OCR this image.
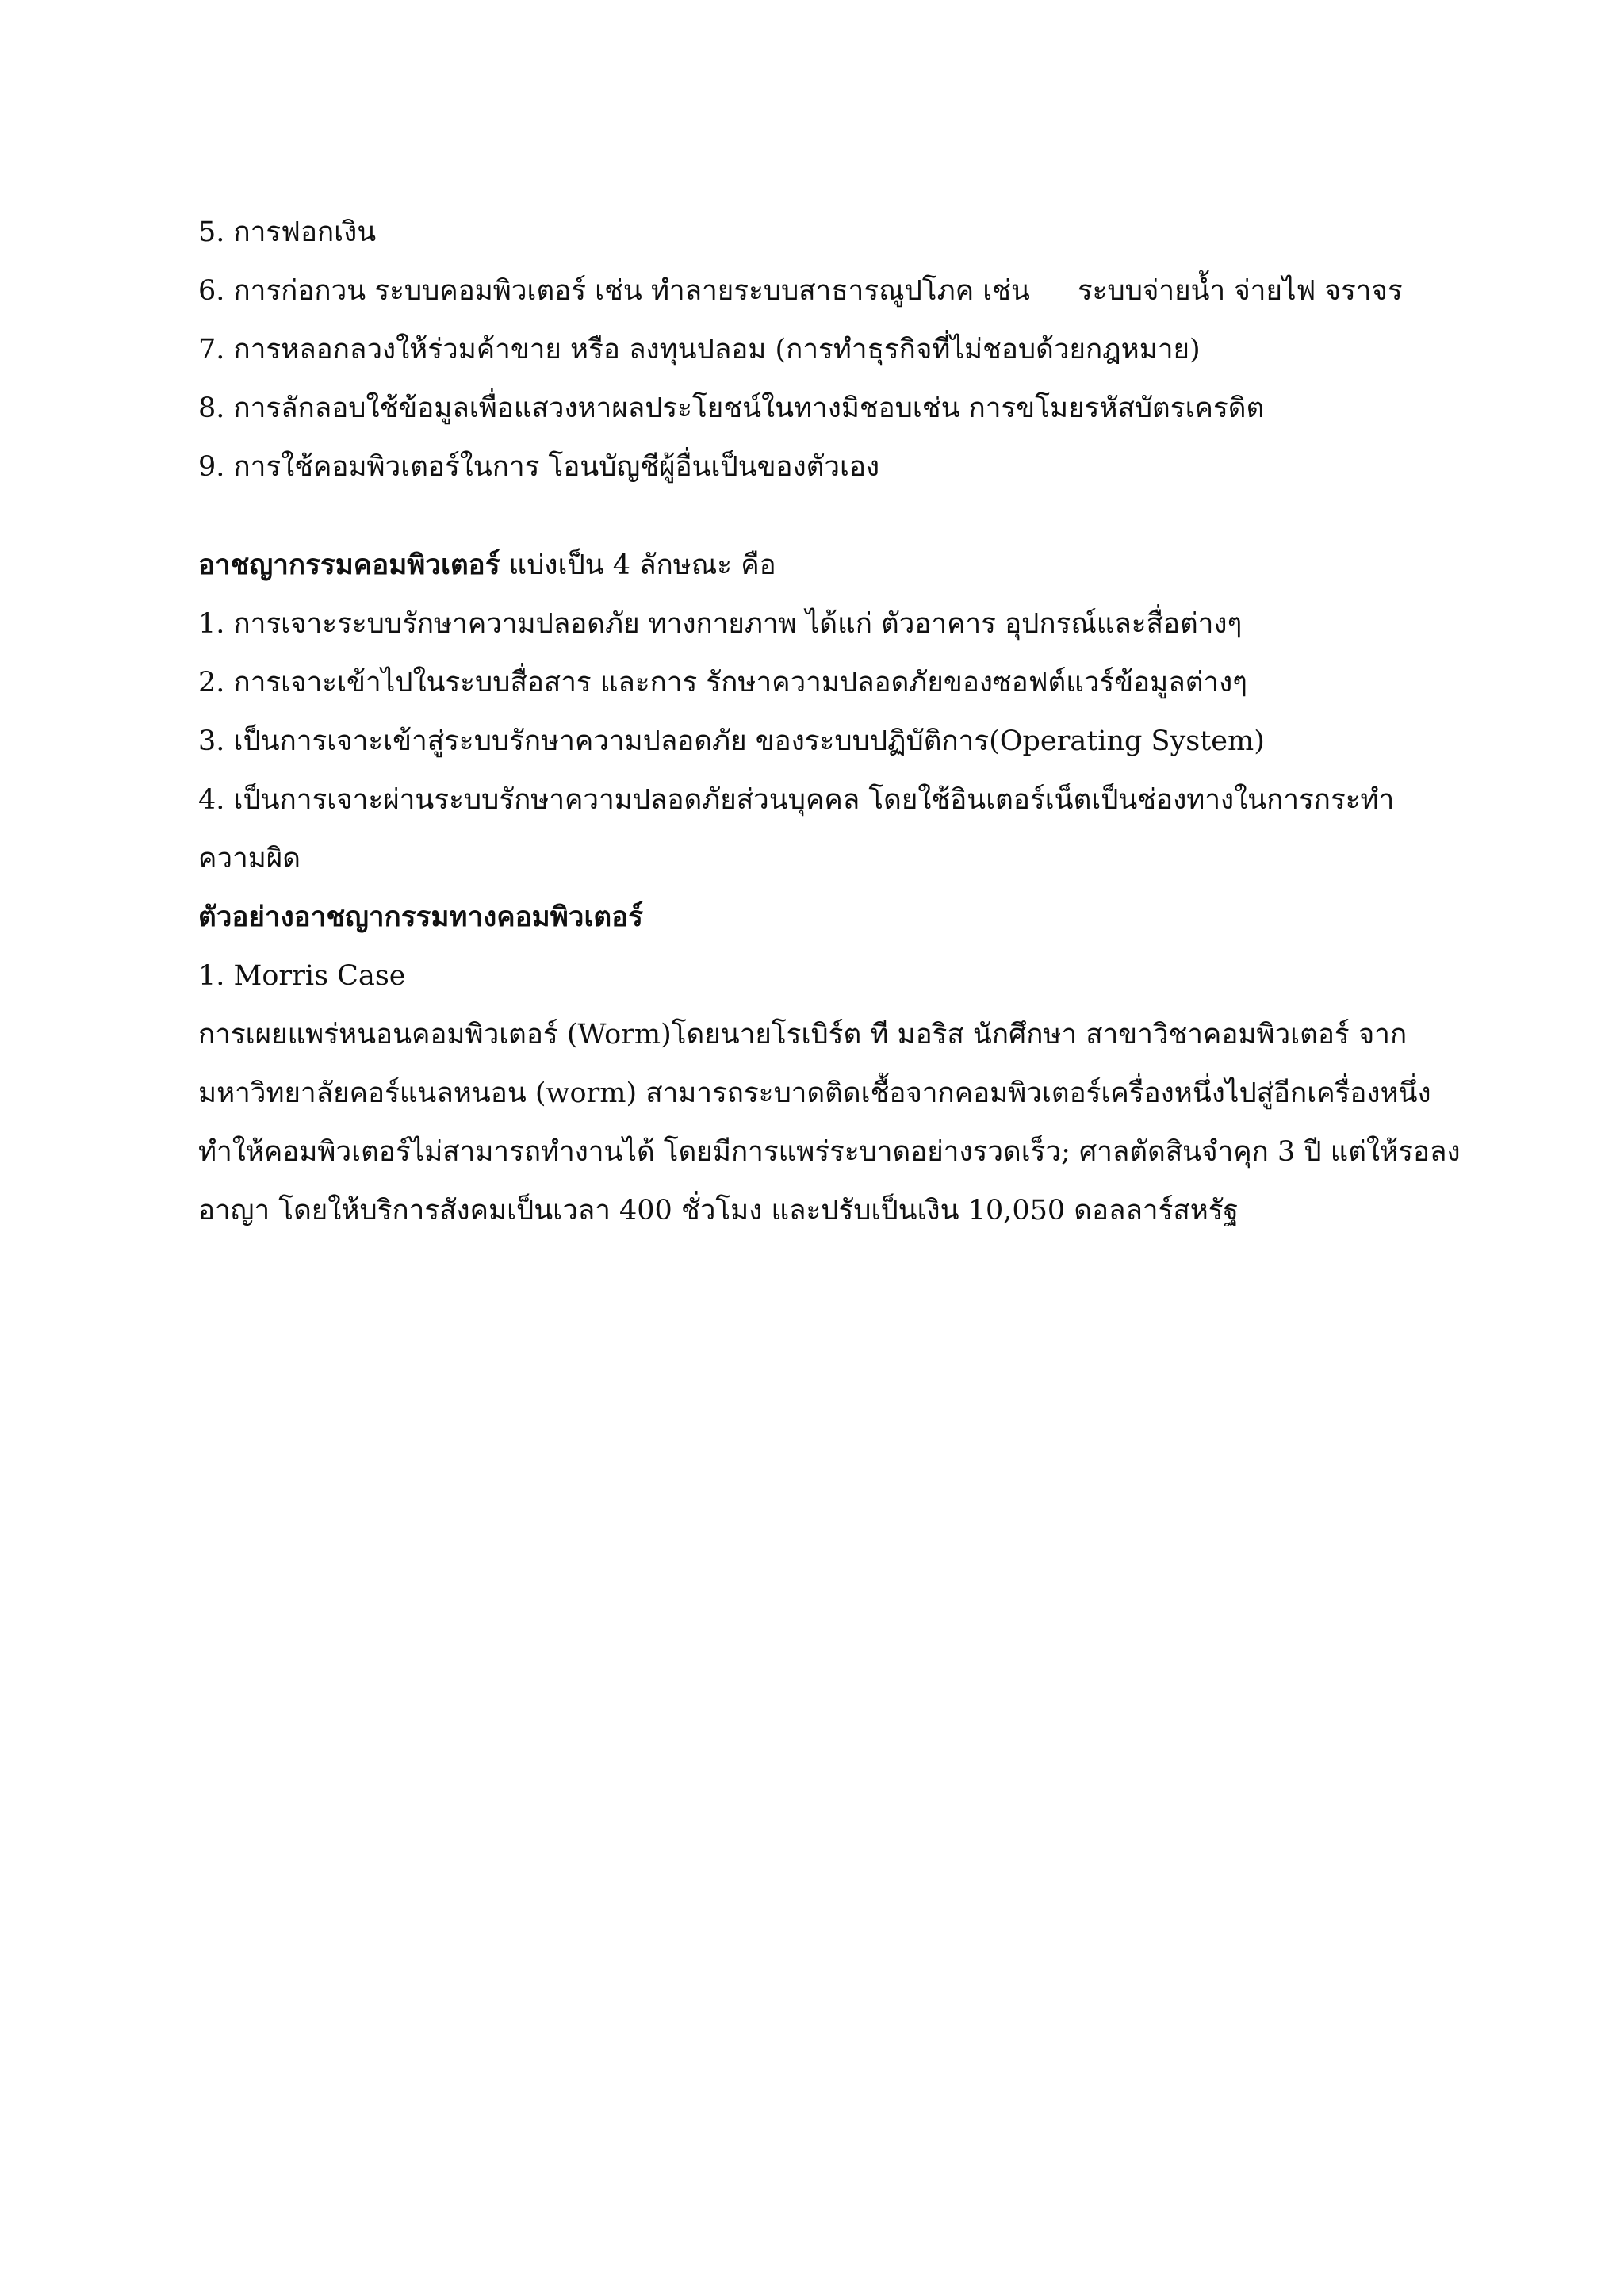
5. การฟอกเงิน

6. การก่อกวน ระบบคอมพิวเตอร์ เช่น ทำลายระบบสาธารณูปโภค เช่น ระบบจ่ายน้ำ จ่ายไฟ จราจร

7. การหลอกลวงให้ร่วมค้าขาย หรือ ลงทุนปลอม (การทำธุรกิจที่ไม่ชอบด้วยกฎหมาย)

8. การลักลอบใช้ข้อมูลเพื่อแสวงหาผลประโยชน์ในทางมิชอบเช่น การขโมยรหัสบัตรเครดิต

9. การใช้คอมพิวเตอร์ในการ โอนบัญชีผู้อื่นเป็นของตัวเอง

อาชญากรรมคอมพิวเตอร์ แบ่งเป็น 4 ลักษณะ คือ

1. การเจาะระบบรักษาความปลอดภัย ทางกายภาพ ได้แก่ ตัวอาคาร อุปกรณ์และสื่อต่างๆ

2. การเจาะเข้าไปในระบบสื่อสาร และการ รักษาความปลอดภัยของซอฟต์แวร์ข้อมูลต่างๆ

3. เป็นการเจาะเข้าสู่ระบบรักษาความปลอดภัย ของระบบปฏิบัติการ(Operating System)

4. เป็นการเจาะผ่านระบบรักษาความปลอดภัยส่วนบุคคล โดยใช้อินเตอร์เน็ตเป็นช่องทางในการกระทำ

ความผิด

ตัวอย่างอาชญากรรมทางคอมพิวเตอร์

1. Morris Case

การเผยแพร่หนอนคอมพิวเตอร์ (Worm)โดยนายโรเบิร์ต ที มอริส นักศึกษา สาขาวิชาคอมพิวเตอร์ จาก

มหาวิทยาลัยคอร์แนลหนอน (worm) สามารถระบาดติดเชื้อจากคอมพิวเตอร์เครื่องหนึ่งไปสู่อีกเครื่องหนึ่ง

ทำให้คอมพิวเตอร์ไม่สามารถทำงานได้ โดยมีการแพร่ระบาดอย่างรวดเร็ว; ศาลตัดสินจำคุก 3 ปี แต่ให้รอลง

อาญา โดยให้บริการสังคมเป็นเวลา 400 ชั่วโมง และปรับเป็นเงิน 10,050 ดอลลาร์สหรัฐ
